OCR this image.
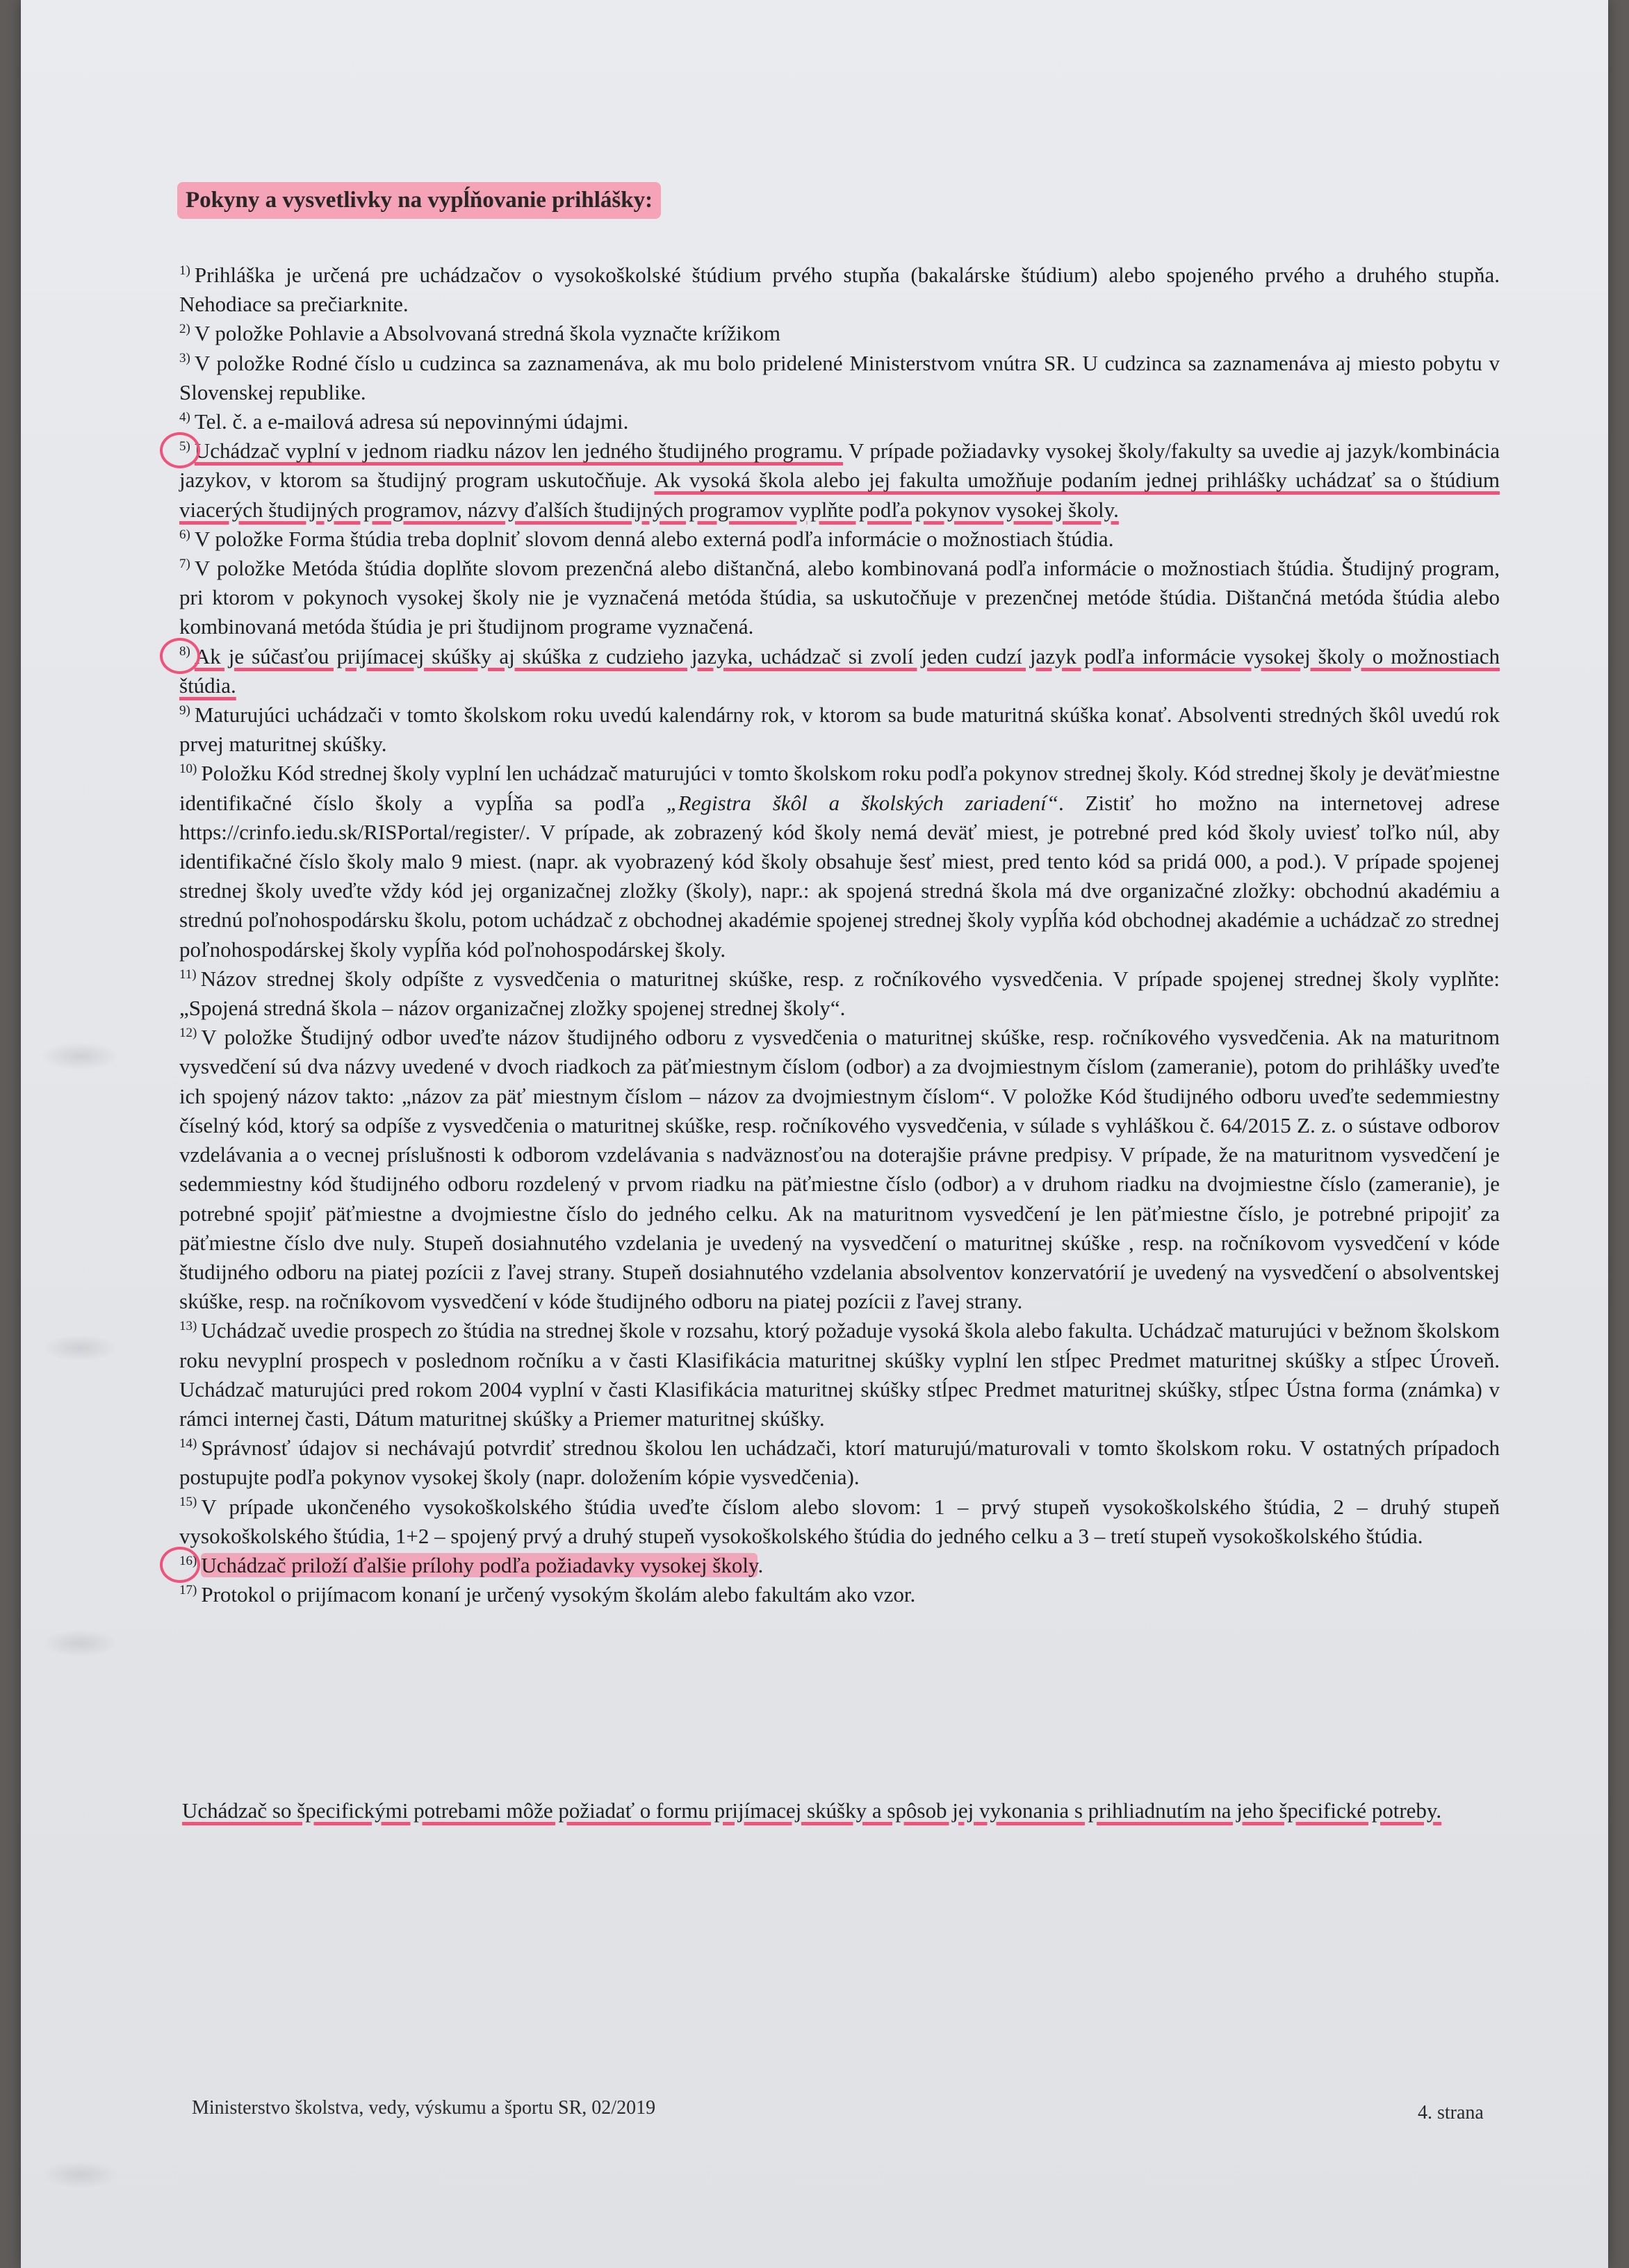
Pokyny a vysvetlivky na vypĺňovanie prihlášky:

$^{1)}$ Prihláška je určená pre uchádzačov o vysokoškolské štúdium prvého stupňa (bakalárske štúdium) alebo spojeného prvého a druhého stupňa. Nehodiace sa prečiarknite.

$^{2)}$ V položke Pohlavie a Absolvovaná stredná škola vyznačte krížikom

$^{3)}$ V položke Rodné číslo u cudzinca sa zaznamenáva, ak mu bolo pridelené Ministerstvom vnútra SR. U cudzinca sa zaznamenáva aj miesto pobytu v Slovenskej republike.

$^{4)}$ Tel. č. a e-mailová adresa sú nepovinnými údajmi.

$^{5)}$ Uchádzač vyplní v jednom riadku názov len jedného študijného programu. V prípade požiadavky vysokej školy/fakulty sa uvedie aj jazyk/kombinácia jazykov, v ktorom sa študijný program uskutočňuje. Ak vysoká škola alebo jej fakulta umožňuje podaním jednej prihlášky uchádzať sa o štúdium viacerých študijných programov, názvy ďalších študijných programov vyplňte podľa pokynov vysokej školy.

$^{6)}$ V položke Forma štúdia treba doplniť slovom denná alebo externá podľa informácie o možnostiach štúdia.

$^{7)}$ V položke Metóda štúdia doplňte slovom prezenčná alebo dištančná, alebo kombinovaná podľa informácie o možnostiach štúdia. Študijný program, pri ktorom v pokynoch vysokej školy nie je vyznačená metóda štúdia, sa uskutočňuje v prezenčnej metóde štúdia. Dištančná metóda štúdia alebo kombinovaná metóda štúdia je pri študijnom programe vyznačená.

$^{8)}$ Ak je súčasťou prijímacej skúšky aj skúška z cudzieho jazyka, uchádzač si zvolí jeden cudzí jazyk podľa informácie vysokej školy o možnostiach štúdia.

$^{9)}$ Maturujúci uchádzači v tomto školskom roku uvedú kalendárny rok, v ktorom sa bude maturitná skúška konať. Absolventi stredných škôl uvedú rok prvej maturitnej skúšky.

$^{10)}$ Položku Kód strednej školy vyplní len uchádzač maturujúci v tomto školskom roku podľa pokynov strednej školy. Kód strednej školy je deväťmiestne identifikačné číslo školy a vypĺňa sa podľa „Registra škôl a školských zariadení“. Zistiť ho možno na internetovej adrese https://crinfo.iedu.sk/RISPortal/register/. V prípade, ak zobrazený kód školy nemá deväť miest, je potrebné pred kód školy uviesť toľko núl, aby identifikačné číslo školy malo 9 miest. (napr. ak vyobrazený kód školy obsahuje šesť miest, pred tento kód sa pridá 000, a pod.). V prípade spojenej strednej školy uveďte vždy kód jej organizačnej zložky (školy), napr.: ak spojená stredná škola má dve organizačné zložky: obchodnú akadémiu a strednú poľnohospodársku školu, potom uchádzač z obchodnej akadémie spojenej strednej školy vypĺňa kód obchodnej akadémie a uchádzač zo strednej poľnohospodárskej školy vypĺňa kód poľnohospodárskej školy.

$^{11)}$ Názov strednej školy odpíšte z vysvedčenia o maturitnej skúške, resp. z ročníkového vysvedčenia. V prípade spojenej strednej školy vyplňte: „Spojená stredná škola – názov organizačnej zložky spojenej strednej školy“.

$^{12)}$ V položke Študijný odbor uveďte názov študijného odboru z vysvedčenia o maturitnej skúške, resp. ročníkového vysvedčenia. Ak na maturitnom vysvedčení sú dva názvy uvedené v dvoch riadkoch za päťmiestnym číslom (odbor) a za dvojmiestnym číslom (zameranie), potom do prihlášky uveďte ich spojený názov takto: „názov za päť miestnym číslom – názov za dvojmiestnym číslom“. V položke Kód študijného odboru uveďte sedemmiestny číselný kód, ktorý sa odpíše z vysvedčenia o maturitnej skúške, resp. ročníkového vysvedčenia, v súlade s vyhláškou č. 64/2015 Z. z. o sústave odborov vzdelávania a o vecnej príslušnosti k odborom vzdelávania s nadväznosťou na doterajšie právne predpisy. V prípade, že na maturitnom vysvedčení je sedemmiestny kód študijného odboru rozdelený v prvom riadku na päťmiestne číslo (odbor) a v druhom riadku na dvojmiestne číslo (zameranie), je potrebné spojiť päťmiestne a dvojmiestne číslo do jedného celku. Ak na maturitnom vysvedčení je len päťmiestne číslo, je potrebné pripojiť za päťmiestne číslo dve nuly. Stupeň dosiahnutého vzdelania je uvedený na vysvedčení o maturitnej skúške , resp. na ročníkovom vysvedčení v kóde študijného odboru na piatej pozícii z ľavej strany. Stupeň dosiahnutého vzdelania absolventov konzervatórií je uvedený na vysvedčení o absolventskej skúške, resp. na ročníkovom vysvedčení v kóde študijného odboru na piatej pozícii z ľavej strany.

$^{13)}$ Uchádzač uvedie prospech zo štúdia na strednej škole v rozsahu, ktorý požaduje vysoká škola alebo fakulta. Uchádzač maturujúci v bežnom školskom roku nevyplní prospech v poslednom ročníku a v časti Klasifikácia maturitnej skúšky vyplní len stĺpec Predmet maturitnej skúšky a stĺpec Úroveň. Uchádzač maturujúci pred rokom 2004 vyplní v časti Klasifikácia maturitnej skúšky stĺpec Predmet maturitnej skúšky, stĺpec Ústna forma (známka) v rámci internej časti, Dátum maturitnej skúšky a Priemer maturitnej skúšky.

$^{14)}$ Správnosť údajov si nechávajú potvrdiť strednou školou len uchádzači, ktorí maturujú/maturovali v tomto školskom roku. V ostatných prípadoch postupujte podľa pokynov vysokej školy (napr. doložením kópie vysvedčenia).

$^{15)}$ V prípade ukončeného vysokoškolského štúdia uveďte číslom alebo slovom: 1 – prvý stupeň vysokoškolského štúdia, 2 – druhý stupeň vysokoškolského štúdia, 1+2 – spojený prvý a druhý stupeň vysokoškolského štúdia do jedného celku a 3 – tretí stupeň vysokoškolského štúdia.

$^{16)}$ Uchádzač priloží ďalšie prílohy podľa požiadavky vysokej školy.

$^{17)}$ Protokol o prijímacom konaní je určený vysokým školám alebo fakultám ako vzor.

Uchádzač so špecifickými potrebami môže požiadať o formu prijímacej skúšky a spôsob jej vykonania s prihliadnutím na jeho špecifické potreby.
Ministerstvo školstva, vedy, výskumu a športu SR, 02/2019	4. strana
